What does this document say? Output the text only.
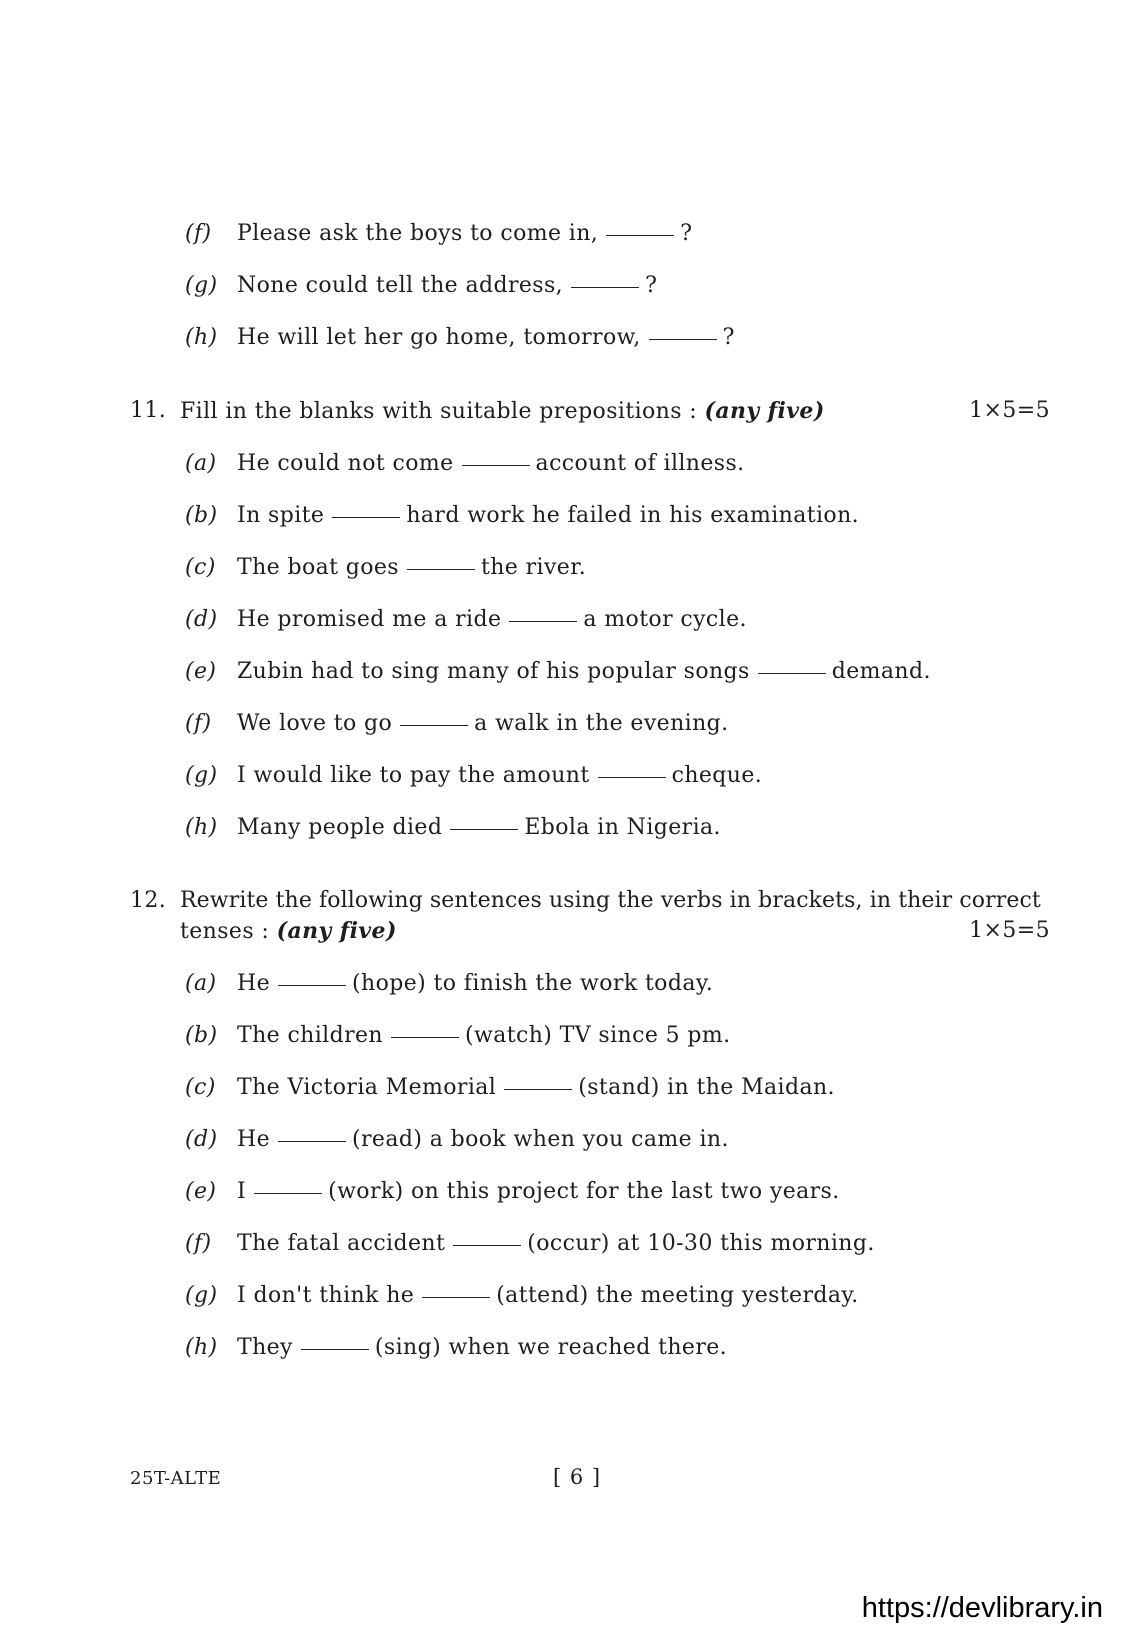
(f) Please ask the boys to come in,	?
(g) None could tell the address,	?
(h) He will let her go home, tomorrow,	?
11. Fill in the blanks with suitable prepositions : (any five)	1×5=5
(a) He could not come	account of illness.
(b) In spite	hard work he failed in his examination.
(c) The boat goes	the river.
(d) He promised me a ride	a motor cycle.
(e) Zubin had to sing many of his popular songs	demand.
(f) We love to go	a walk in the evening.
(g) I would like to pay the amount	cheque.
(h) Many people died	Ebola in Nigeria.
12. Rewrite the following sentences using the verbs in brackets, in their correct
tenses : (any five)	1×5=5
(a) He	(hope) to finish the work today.
(b) The children	(watch) TV since 5 pm.
(c) The Victoria Memorial	(stand) in the Maidan.
(d) He	(read) a book when you came in.
(e) I	(work) on this project for the last two years.
(f) The fatal accident	(occur) at 10-30 this morning.
(g) I don't think he	(attend) the meeting yesterday.
(h) They	(sing) when we reached there.
25T-ALTE	[ 6 ]
https://devlibrary.in
